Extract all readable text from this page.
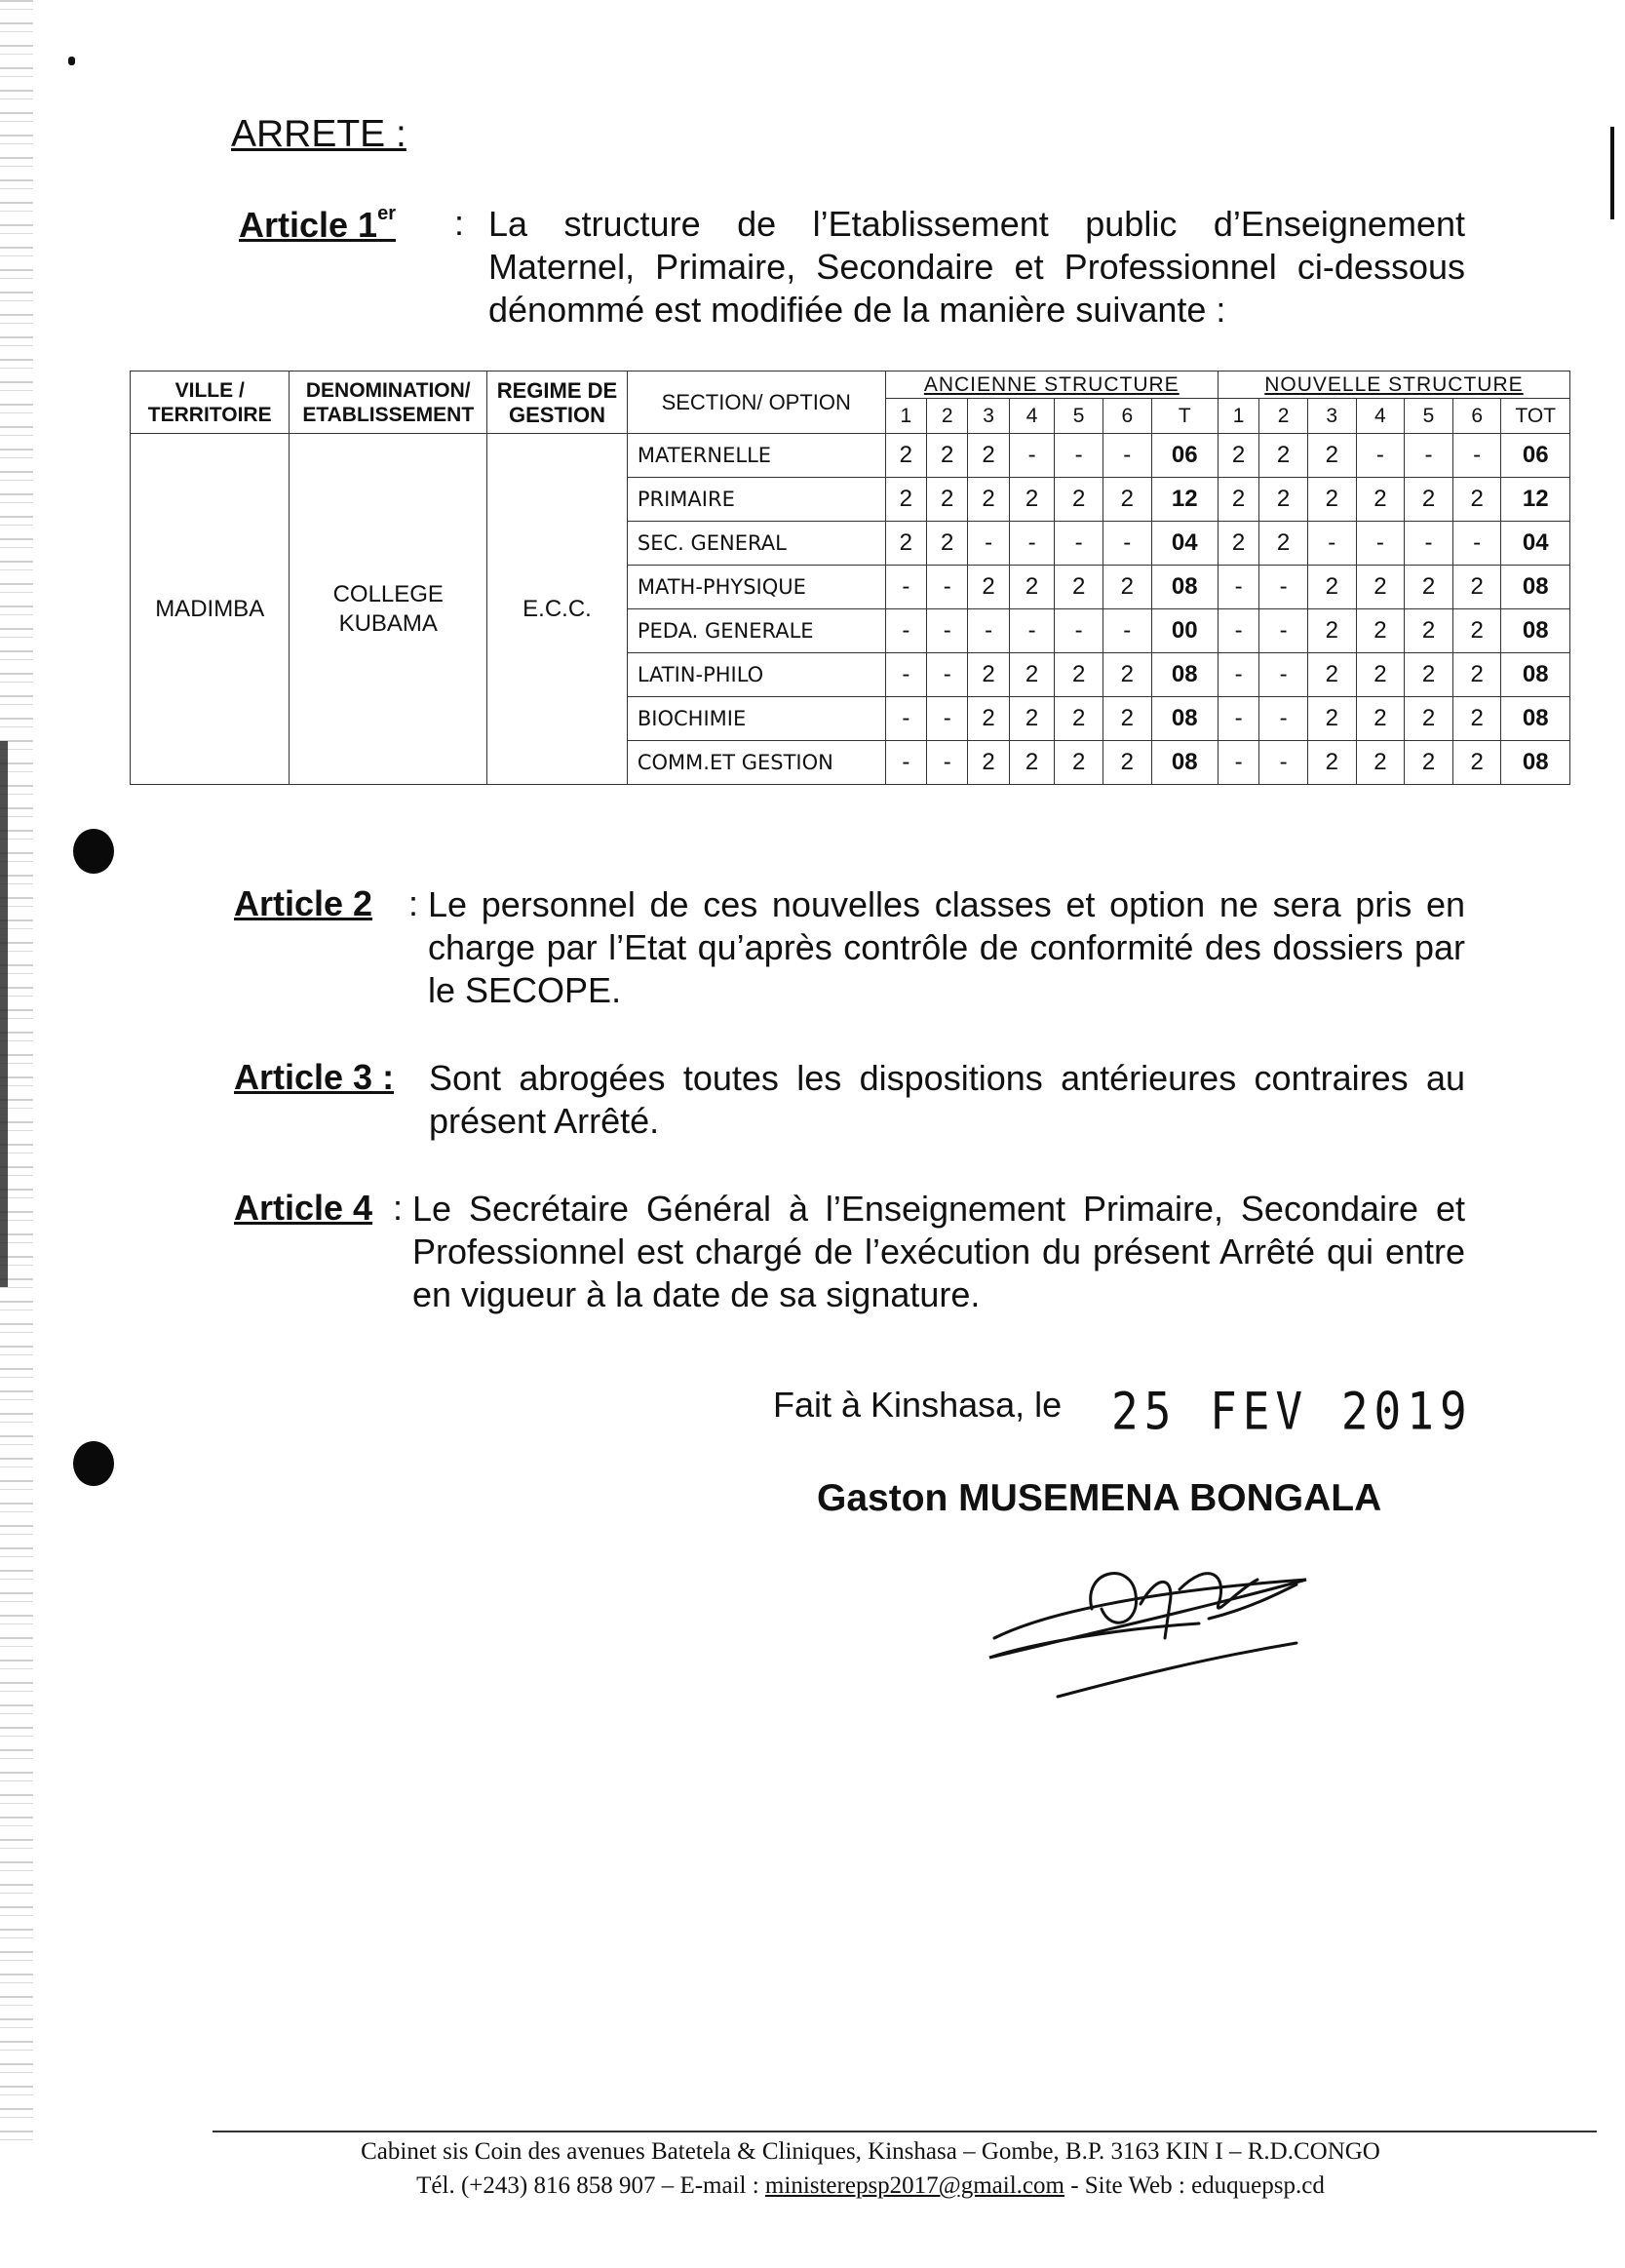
ARRETE :
Article 1er : La structure de l’Etablissement public d’Enseignement Maternel, Primaire, Secondaire et Professionnel ci-dessous dénommé est modifiée de la manière suivante :
VILLE / TERRITOIRE	DENOMINATION/ ETABLISSEMENT	REGIME DE GESTION	SECTION/ OPTION	ANCIENNE STRUCTURE							NOUVELLE STRUCTURE						
				1	2	3	4	5	6	T	1	2	3	4	5	6	TOT
MADIMBA	COLLEGE KUBAMA	E.C.C.	MATERNELLE	2	2	2	-	-	-	06	2	2	2	-	-	-	06
			PRIMAIRE	2	2	2	2	2	2	12	2	2	2	2	2	2	12
			SEC. GENERAL	2	2	-	-	-	-	04	2	2	-	-	-	-	04
			MATH-PHYSIQUE	-	-	2	2	2	2	08	-	-	2	2	2	2	08
			PEDA. GENERALE	-	-	-	-	-	-	00	-	-	2	2	2	2	08
			LATIN-PHILO	-	-	2	2	2	2	08	-	-	2	2	2	2	08
			BIOCHIMIE	-	-	2	2	2	2	08	-	-	2	2	2	2	08
			COMM.ET GESTION	-	-	2	2	2	2	08	-	-	2	2	2	2	08
Article 2 : Le personnel de ces nouvelles classes et option ne sera pris en charge par l’Etat qu’après contrôle de conformité des dossiers par le SECOPE.
Article 3 : Sont abrogées toutes les dispositions antérieures contraires au présent Arrêté.
Article 4 : Le Secrétaire Général à l’Enseignement Primaire, Secondaire et Professionnel est chargé de l’exécution du présent Arrêté qui entre en vigueur à la date de sa signature.
Fait à Kinshasa, le 25 FEV 2019
Gaston MUSEMENA BONGALA
Cabinet sis Coin des avenues Batetela & Cliniques, Kinshasa – Gombe, B.P. 3163 KIN I – R.D.CONGO
Tél. (+243) 816 858 907 – E-mail : ministerepsp2017@gmail.com - Site Web : eduquepsp.cd
